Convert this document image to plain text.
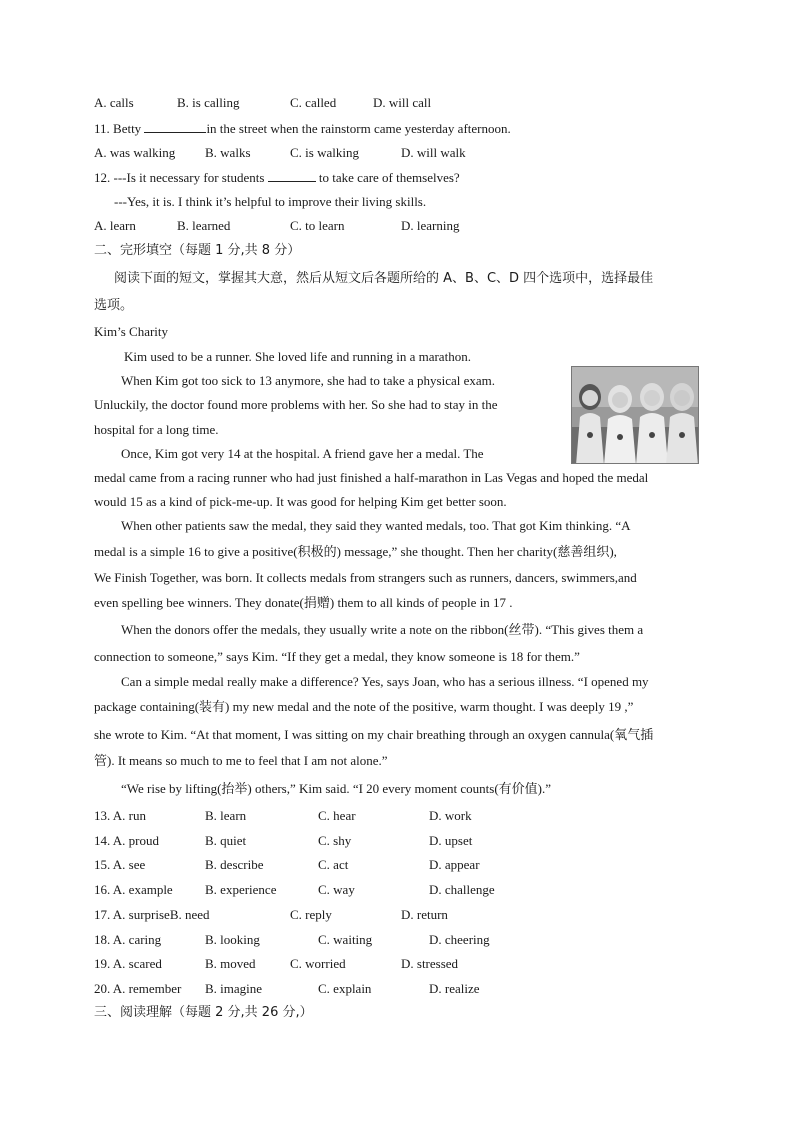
A. calls	B. is calling	C. called	D. will call
11. Betty	in the street when the rainstorm came yesterday afternoon.
A. was walking B. walks	C. is walking	D. will walk
12. ---Is it necessary for students	to take care of themselves?
---Yes, it is. I think it’s helpful to improve their living skills.
A. learn	B. learned	C. to learn	D. learning
二、完形填空（每题 1 分,共 8 分）
阅读下面的短文，掌握其大意，然后从短文后各题所给的 A、B、C、D 四个选项中，选择最佳
选项。
Kim’s Charity
Kim used to be a runner. She loved life and running in a marathon.
When Kim got too sick to 13 anymore, she had to take a physical exam.
Unluckily, the doctor found more problems with her. So she had to stay in the
hospital for a long time.
Once, Kim got very 14 at the hospital. A friend gave her a medal. The
medal came from a racing runner who had just finished a half-marathon in Las Vegas and hoped the medal
would 15 as a kind of pick-me-up. It was good for helping Kim get better soon.
When other patients saw the medal, they said they wanted medals, too. That got Kim thinking. “A
medal is a simple 16 to give a positive(积极的) message,” she thought. Then her charity(慈善组织),
We Finish Together, was born. It collects medals from strangers such as runners, dancers, swimmers,and
even spelling bee winners. They donate(捐赠) them to all kinds of people in 17 .
When the donors offer the medals, they usually write a note on the ribbon(丝带). “This gives them a
connection to someone,” says Kim. “If they get a medal, they know someone is 18 for them.”
Can a simple medal really make a difference? Yes, says Joan, who has a serious illness. “I opened my
package containing(装有) my new medal and the note of the positive, warm thought. I was deeply 19 ,”
she wrote to Kim. “At that moment, I was sitting on my chair breathing through an oxygen cannula(氧气插
管). It means so much to me to feel that I am not alone.”
“We rise by lifting(抬举) others,” Kim said. “I 20 every moment counts(有价值).”
13. A. run	B. learn	C. hear	D. work
14. A. proud	B. quiet	C. shy	D. upset
15. A. see	B. describe	C. act	D. appear
16. A. example B. experience	C. way	D. challenge
17. A. surpriseB. need	C. reply	D. return
18. A. caring	B. looking	C. waiting	D. cheering
19. A. scared	B. moved	C. worried	D. stressed
20. A. remember B. imagine	C. explain	D. realize
三、阅读理解（每题 2 分,共 26 分,）
